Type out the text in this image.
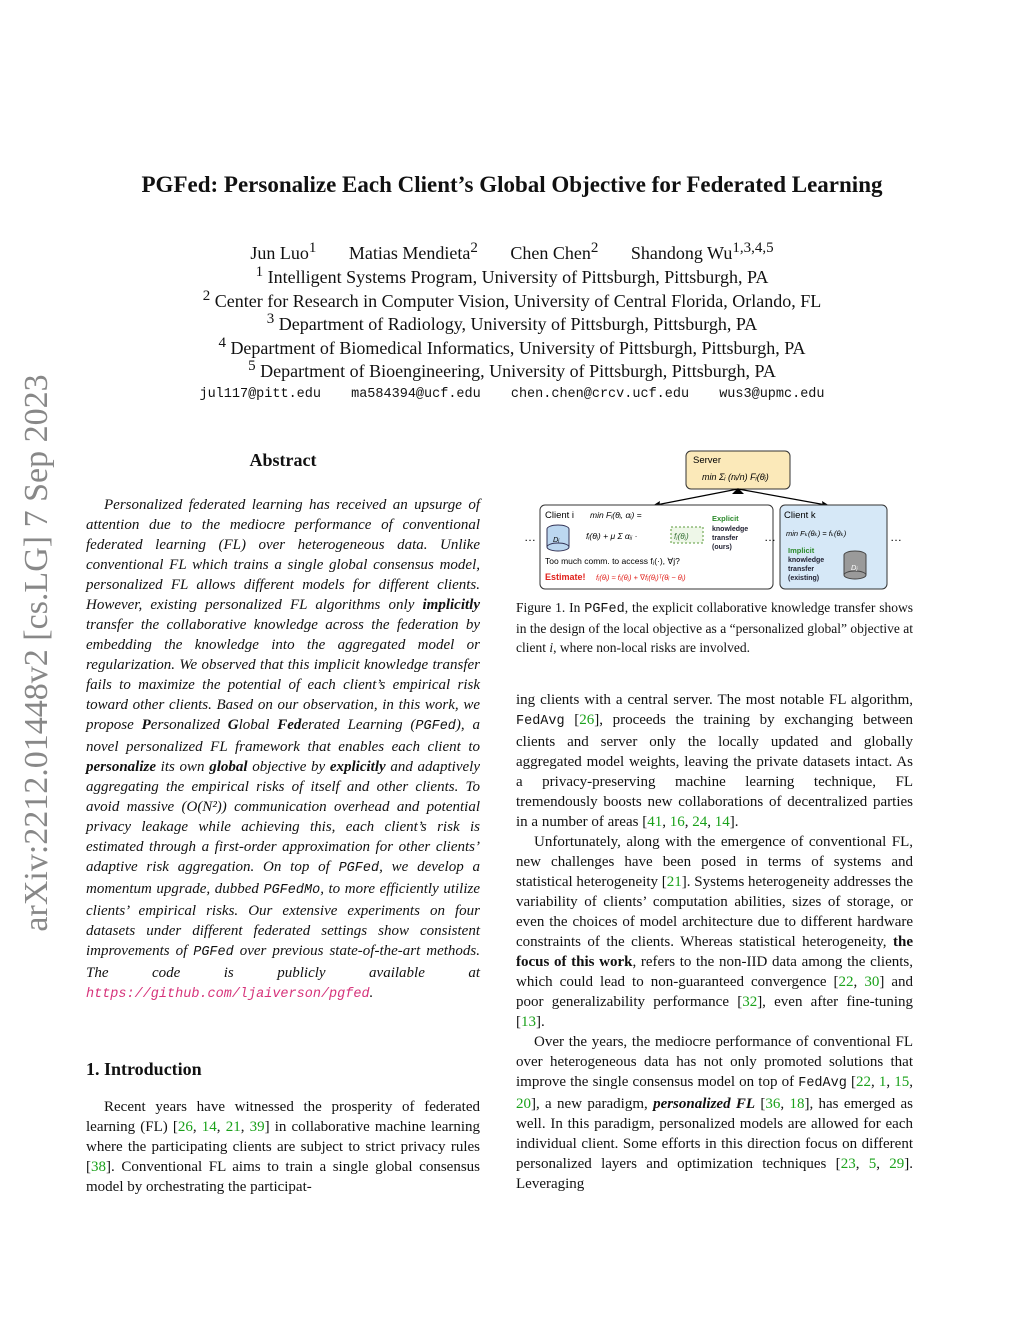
arXiv:2212.01448v2 [cs.LG] 7 Sep 2023
PGFed: Personalize Each Client’s Global Objective for Federated Learning
Jun Luo$^1$ Matias Mendieta$^2$ Chen Chen$^2$ Shandong Wu$^{1,3,4,5}$
$^1$ Intelligent Systems Program, University of Pittsburgh, Pittsburgh, PA
$^2$ Center for Research in Computer Vision, University of Central Florida, Orlando, FL
$^3$ Department of Radiology, University of Pittsburgh, Pittsburgh, PA
$^4$ Department of Biomedical Informatics, University of Pittsburgh, Pittsburgh, PA
$^5$ Department of Bioengineering, University of Pittsburgh, Pittsburgh, PA
jul117@pitt.edu ma584394@ucf.edu chen.chen@crcv.ucf.edu wus3@upmc.edu
Abstract
Personalized federated learning has received an upsurge of attention due to the mediocre performance of conventional federated learning (FL) over heterogeneous data. Unlike conventional FL which trains a single global consensus model, personalized FL allows different models for different clients. However, existing personalized FL algorithms only implicitly transfer the collaborative knowledge across the federation by embedding the knowledge into the aggregated model or regularization. We observed that this implicit knowledge transfer fails to maximize the potential of each client’s empirical risk toward other clients. Based on our observation, in this work, we propose Personalized Global Federated Learning (PGFed), a novel personalized FL framework that enables each client to personalize its own global objective by explicitly and adaptively aggregating the empirical risks of itself and other clients. To avoid massive (O(N²)) communication overhead and potential privacy leakage while achieving this, each client’s risk is estimated through a first-order approximation for other clients’ adaptive risk aggregation. On top of PGFed, we develop a momentum upgrade, dubbed PGFedMo, to more efficiently utilize clients’ empirical risks. Our extensive experiments on four datasets under different federated settings show consistent improvements of PGFed over previous state-of-the-art methods. The code is publicly available at https://github.com/ljaiverson/pgfed.
1. Introduction
Recent years have witnessed the prosperity of federated learning (FL) [26, 14, 21, 39] in collaborative machine learning where the participating clients are subject to strict privacy rules [38]. Conventional FL aims to train a single global consensus model by orchestrating the participat-
Server
min Σᵢ (nᵢ/n) Fᵢ(θᵢ)
Client i min Fᵢ(θᵢ, αᵢ) =
Dᵢ	fᵢ(θᵢ) + μ Σ αᵢⱼ ·	fⱼ(θⱼ)
Explicit
knowledge
transfer
(ours)
Too much comm. to access fⱼ(·), ∀j?
Estimate! fⱼ(θᵢ) ≈ fⱼ(θⱼ) + ∇fⱼ(θⱼ)ᵀ(θᵢ − θⱼ)
Client k
min Fₖ(θₖ) = fₖ(θₖ)
Implicit
knowledge
transfer
(existing)
Dⱼ
…	…	…
Figure 1. In PGFed, the explicit collaborative knowledge transfer shows in the design of the local objective as a “personalized global” objective at client i, where non-local risks are involved.

ing clients with a central server. The most notable FL algorithm, FedAvg [26], proceeds the training by exchanging between clients and server only the locally updated and globally aggregated model weights, leaving the private datasets intact. As a privacy-preserving machine learning technique, FL tremendously boosts new collaborations of decentralized parties in a number of areas [41, 16, 24, 14].

Unfortunately, along with the emergence of conventional FL, new challenges have been posed in terms of systems and statistical heterogeneity [21]. Systems heterogeneity addresses the variability of clients’ computation abilities, sizes of storage, or even the choices of model architecture due to different hardware constraints of the clients. Whereas statistical heterogeneity, the focus of this work, refers to the non-IID data among the clients, which could lead to non-guaranteed convergence [22, 30] and poor generalizability performance [32], even after fine-tuning [13].

Over the years, the mediocre performance of conventional FL over heterogeneous data has not only promoted solutions that improve the single consensus model on top of FedAvg [22, 1, 15, 20], a new paradigm, personalized FL [36, 18], has emerged as well. In this paradigm, personalized models are allowed for each individual client. Some efforts in this direction focus on different personalized layers and optimization techniques [23, 5, 29]. Leveraging
